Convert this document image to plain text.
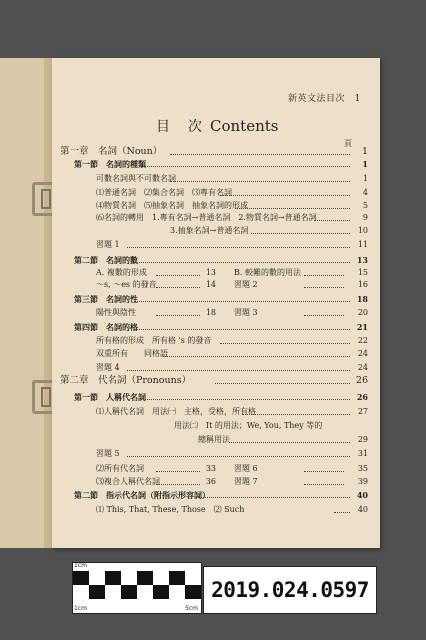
新英文法目次　1
目　次 Contents
頁
第一章　名詞（Noun）	1
第一節　名詞的種類	1
可數名詞與不可數名詞	1
⑴普通名詞　⑵集合名詞　⑶專有名詞	4
⑷物質名詞　⑸抽象名詞　抽象名詞的形成	5
⑹名詞的轉用　1.專有名詞→普通名詞　2.物質名詞→普通名詞	9
3.抽象名詞→普通名詞	10
習題 1	11
第二節　名詞的數	13
A. 複數的形成	13 B. 較難的數的用法	15
～s, ～es 的發音	14 習題 2	16
第三節　名詞的性	18
陽性與陰性	18 習題 3	20
第四節　名詞的格	21
所有格的形成　所有格 's 的發音	22
双重所有　　同格語	24
習題 4	24
第二章　代名詞（Pronouns）	26
第一節　人稱代名詞	26
⑴人稱代名詞　用法㈠　主格，受格，所有格	27
用法㈡　It 的用法；We, You, They 等的
總稱用法	29
習題 5	31
⑵所有代名詞	33 習題 6	35
⑶複合人稱代名詞	36 習題 7	39
第二節　指示代名詞（附指示形容詞）	40
⑴ This, That, These, Those　⑵ Such	40
1cm
1cm	5cm
2019.024.0597
